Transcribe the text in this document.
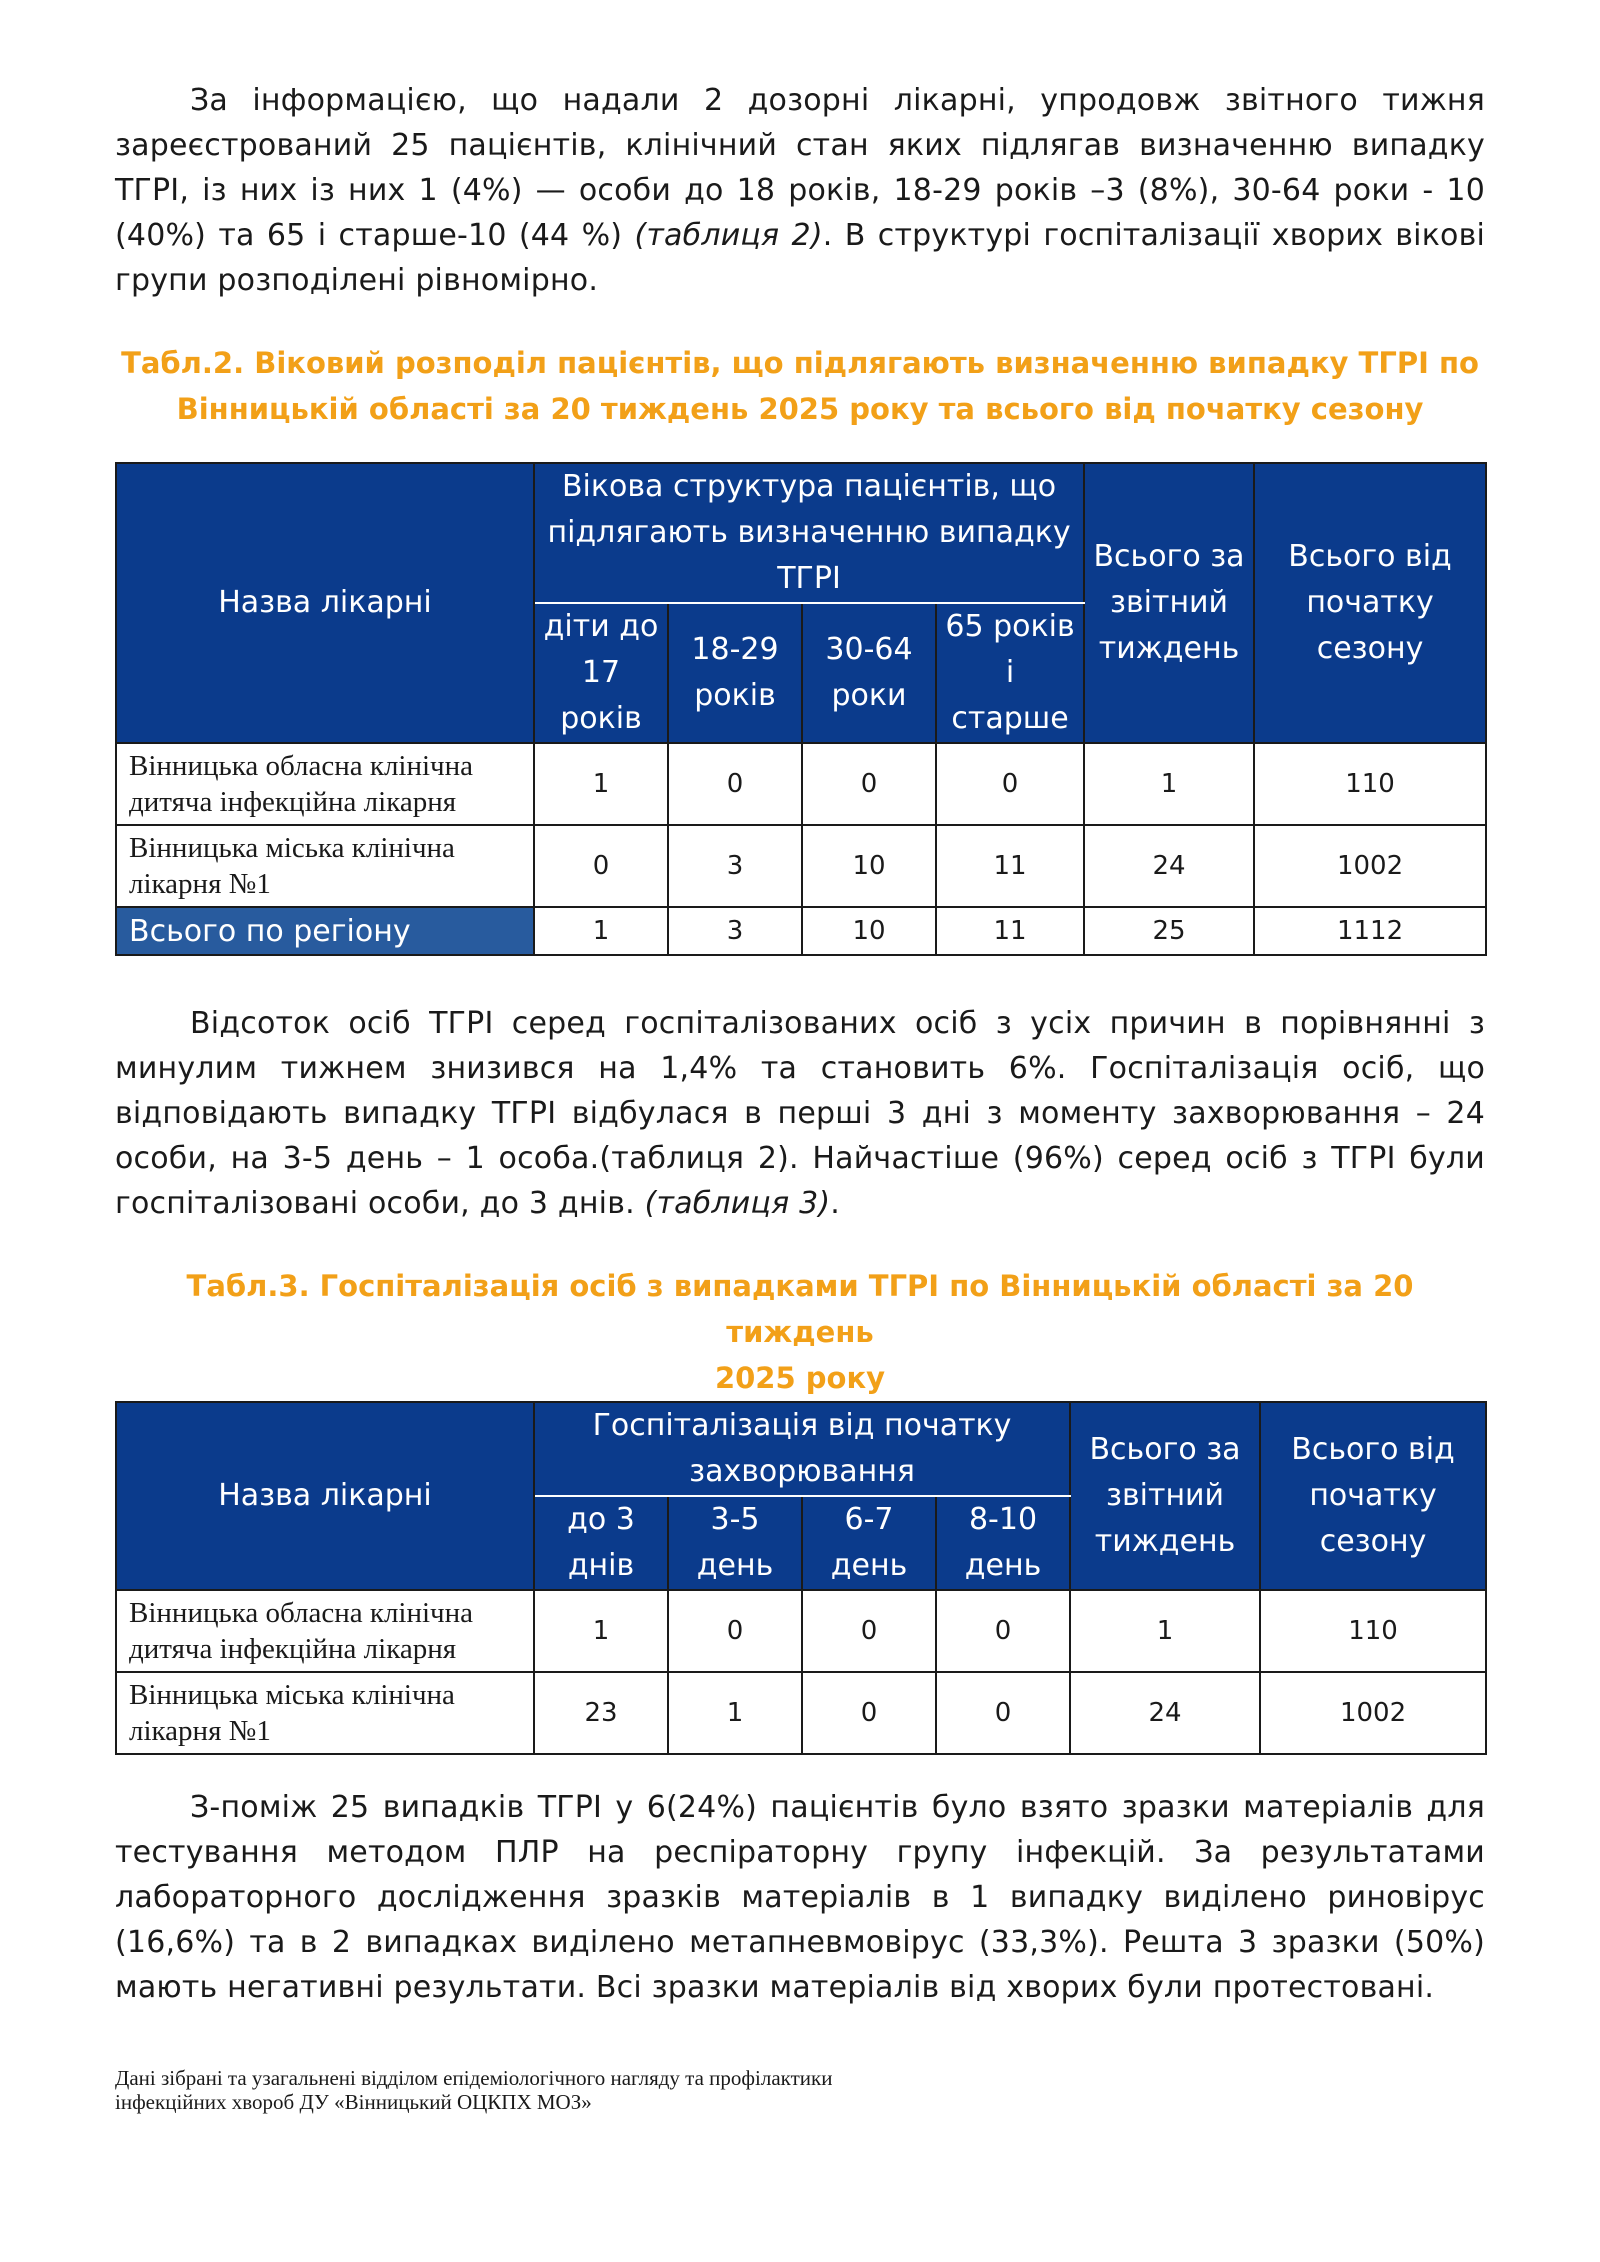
За інформацією, що надали 2 дозорні лікарні, упродовж звітного тижня зареєстрований 25 пацієнтів, клінічний стан яких підлягав визначенню випадку ТГРІ, із них із них 1 (4%) — особи до 18 років, 18-29 років –3 (8%), 30-64 роки - 10 (40%) та 65 і старше-10 (44 %) (таблиця 2). В структурі госпіталізації хворих вікові групи розподілені рівномірно.

Табл.2. Віковий розподіл пацієнтів, що підлягають визначенню випадку ТГРІ по
Вінницькій області за 20 тиждень 2025 року та всього від початку сезону

Назва лікарні	Вікова структура пацієнтів, що підлягають визначенню випадку ТГРІ				Всього за звітний тиждень	Всього від початку сезону
	діти до 17 років	18-29 років	30-64 роки	65 років і старше		
Вінницька обласна клінічна дитяча інфекційна лікарня	1	0	0	0	1	110
Вінницька міська клінічна лікарня №1	0	3	10	11	24	1002
Всього по регіону	1	3	10	11	25	1112

Відсоток осіб ТГРІ серед госпіталізованих осіб з усіх причин в порівнянні з минулим тижнем знизився на 1,4% та становить 6%. Госпіталізація осіб, що відповідають випадку ТГРІ відбулася в перші 3 дні з моменту захворювання – 24 особи, на 3-5 день – 1 особа.(таблиця 2). Найчастіше (96%) серед осіб з ТГРІ були госпіталізовані особи, до 3 днів. (таблиця 3).

Табл.3. Госпіталізація осіб з випадками ТГРІ по Вінницькій області за 20 тиждень
2025 року

Назва лікарні	Госпіталізація від початку захворювання				Всього за звітний тиждень	Всього від початку сезону
	до 3 днів	3-5 день	6-7 день	8-10 день		
Вінницька обласна клінічна дитяча інфекційна лікарня	1	0	0	0	1	110
Вінницька міська клінічна лікарня №1	23	1	0	0	24	1002

З-поміж 25 випадків ТГРІ у 6(24%) пацієнтів було взято зразки матеріалів для тестування методом ПЛР на респіраторну групу інфекцій. За результатами лабораторного дослідження зразків матеріалів в 1 випадку виділено риновірус (16,6%) та в 2 випадках виділено метапневмовірус (33,3%). Решта 3 зразки (50%) мають негативні результати. Всі зразки матеріалів від хворих були протестовані.

Дані зібрані та узагальнені відділом епідеміологічного нагляду та профілактики
інфекційних хвороб ДУ «Вінницький ОЦКПХ МОЗ»
